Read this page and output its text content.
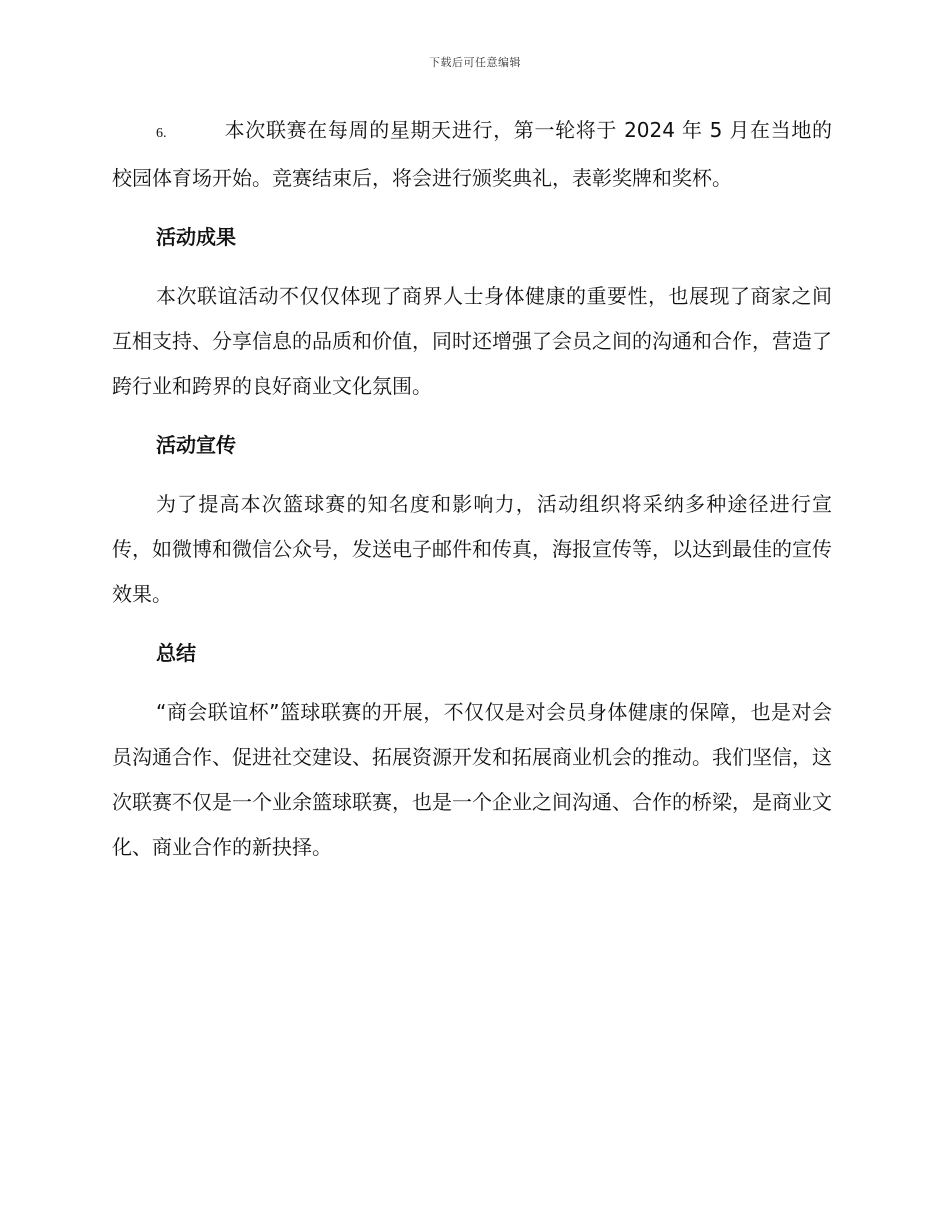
下载后可任意编辑
6.	本次联赛在每周的星期天进行，第一轮将于 2024 年 5 月在当地的校园体育场开始。竞赛结束后，将会进行颁奖典礼，表彰奖牌和奖杯。
活动成果

本次联谊活动不仅仅体现了商界人士身体健康的重要性，也展现了商家之间互相支持、分享信息的品质和价值，同时还增强了会员之间的沟通和合作，营造了跨行业和跨界的良好商业文化氛围。

活动宣传

为了提高本次篮球赛的知名度和影响力，活动组织将采纳多种途径进行宣传，如微博和微信公众号，发送电子邮件和传真，海报宣传等，以达到最佳的宣传效果。

总结

“商会联谊杯”篮球联赛的开展，不仅仅是对会员身体健康的保障，也是对会员沟通合作、促进社交建设、拓展资源开发和拓展商业机会的推动。我们坚信，这次联赛不仅是一个业余篮球联赛，也是一个企业之间沟通、合作的桥梁，是商业文化、商业合作的新抉择。
